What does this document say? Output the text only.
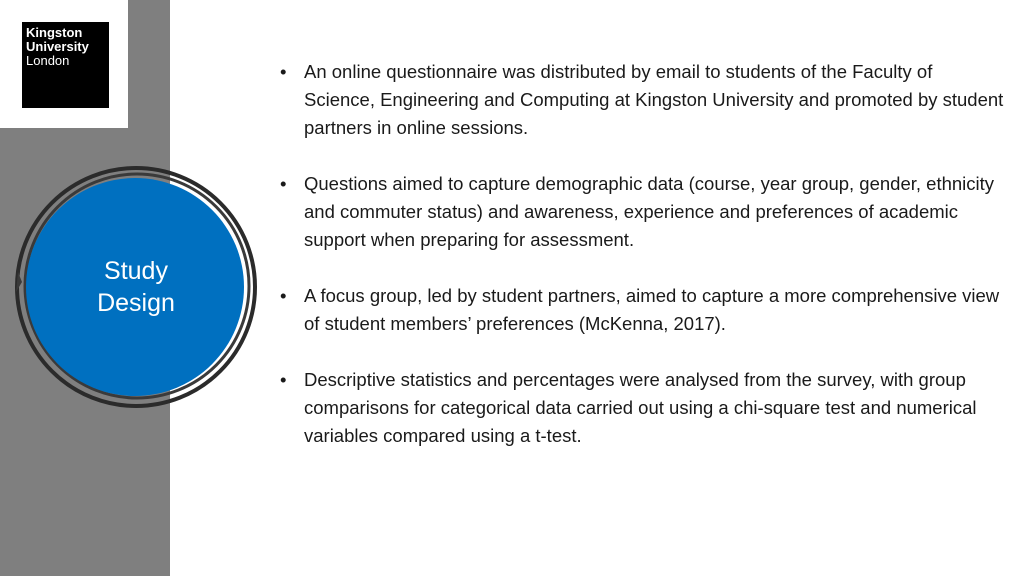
Kingston
University
London
Study
Design
• An online questionnaire was distributed by email to students of the Faculty of Science, Engineering and Computing at Kingston University and promoted by student partners in online sessions.
• Questions aimed to capture demographic data (course, year group, gender, ethnicity and commuter status) and awareness, experience and preferences of academic support when preparing for assessment.
• A focus group, led by student partners, aimed to capture a more comprehensive view of student members’ preferences (McKenna, 2017).
• Descriptive statistics and percentages were analysed from the survey, with group comparisons for categorical data carried out using a chi-square test and numerical variables compared using a t-test.
